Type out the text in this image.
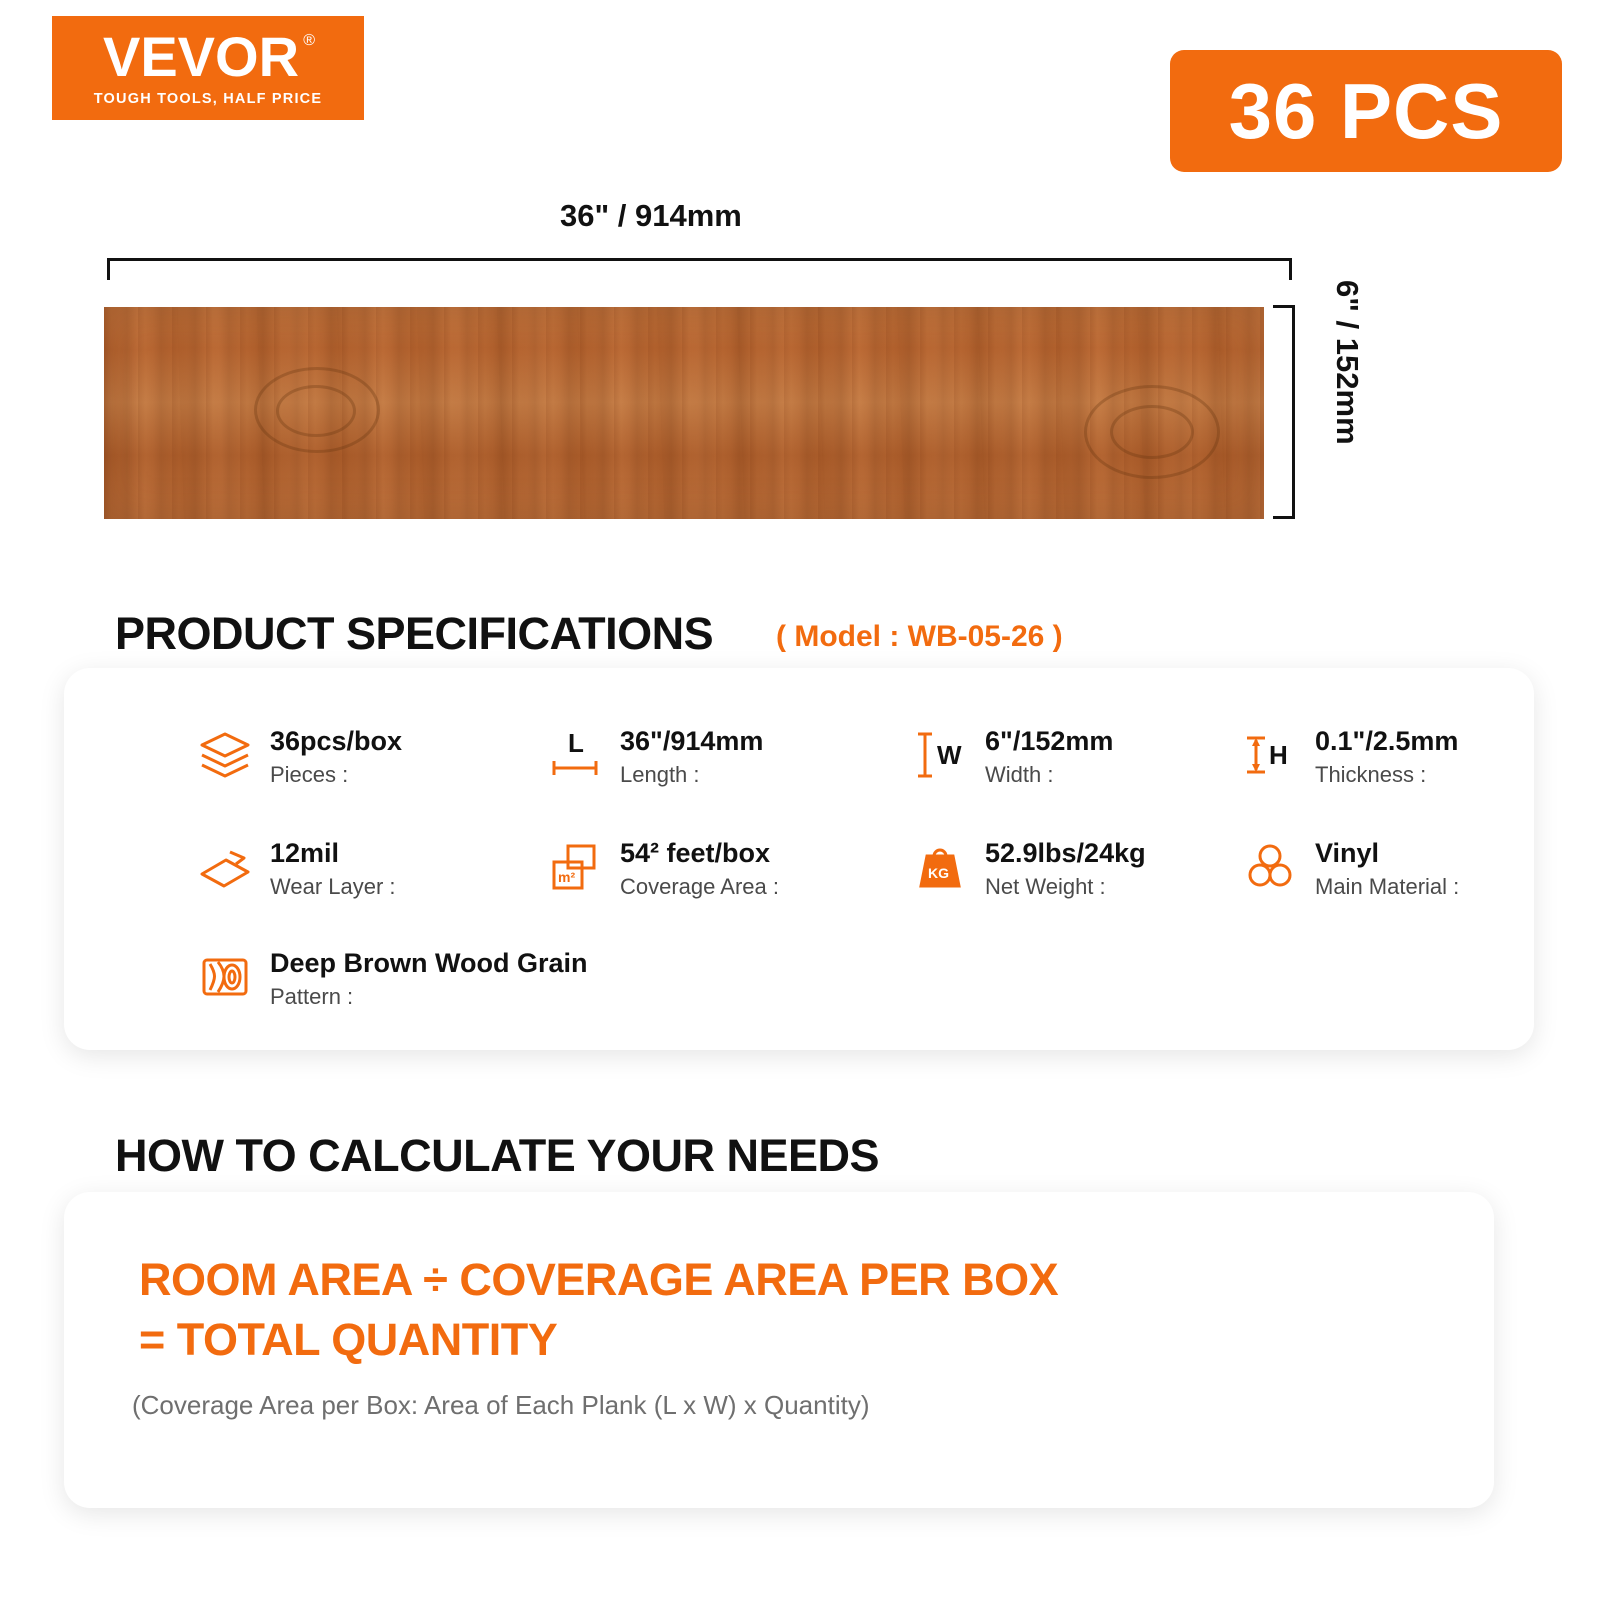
VEVOR ®
TOUGH TOOLS, HALF PRICE	36 PCS
36" / 914mm
6" / 152mm
PRODUCT SPECIFICATIONS ( Model : WB-05-26 )
36pcs/box
Pieces :
L 36"/914mm
Length :
W 6"/152mm
Width :
H 0.1"/2.5mm
Thickness :
12mil
Wear Layer :	m²
54² feet/box
Coverage Area :
KG
52.9lbs/24kg
Net Weight :
Vinyl
Main Material :
Deep Brown Wood Grain
Pattern :
HOW TO CALCULATE YOUR NEEDS
ROOM AREA ÷ COVERAGE AREA PER BOX
= TOTAL QUANTITY
(Coverage Area per Box: Area of Each Plank (L x W) x Quantity)
